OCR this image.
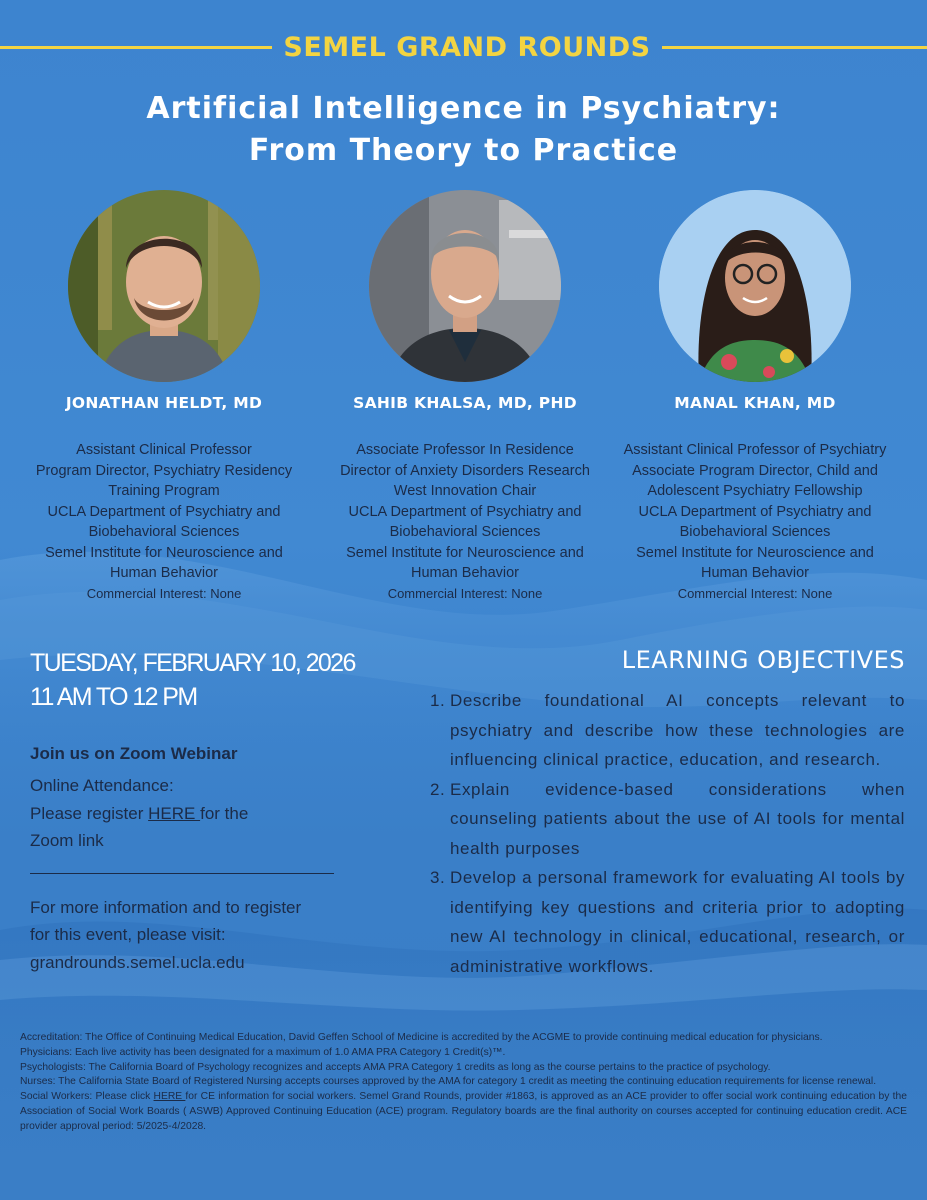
SEMEL GRAND ROUNDS
Artificial Intelligence in Psychiatry:
From Theory to Practice
JONATHAN HELDT, MD
Assistant Clinical Professor
Program Director, Psychiatry Residency
Training Program
UCLA Department of Psychiatry and
Biobehavioral Sciences
Semel Institute for Neuroscience and
Human Behavior
Commercial Interest: None
SAHIB KHALSA, MD, PHD
Associate Professor In Residence
Director of Anxiety Disorders Research
West Innovation Chair
UCLA Department of Psychiatry and
Biobehavioral Sciences
Semel Institute for Neuroscience and
Human Behavior
Commercial Interest: None
MANAL KHAN, MD
Assistant Clinical Professor of Psychiatry
Associate Program Director, Child and
Adolescent Psychiatry Fellowship
UCLA Department of Psychiatry and
Biobehavioral Sciences
Semel Institute for Neuroscience and
Human Behavior
Commercial Interest: None
TUESDAY, FEBRUARY 10, 2026
11 AM TO 12 PM
Join us on Zoom Webinar
Online Attendance:
Please register HERE for the
Zoom link
For more information and to register
for this event, please visit:
grandrounds.semel.ucla.edu
LEARNING OBJECTIVES
1. Describe foundational AI concepts relevant to psychiatry and describe how these technologies are influencing clinical practice, education, and research.
2. Explain evidence-based considerations when counseling patients about the use of AI tools for mental health purposes
3. Develop a personal framework for evaluating AI tools by identifying key questions and criteria prior to adopting new AI technology in clinical, educational, research, or administrative workflows.
Accreditation: The Office of Continuing Medical Education, David Geffen School of Medicine is accredited by the ACGME to provide continuing medical education for physicians.
Physicians: Each live activity has been designated for a maximum of 1.0 AMA PRA Category 1 Credit(s)™.
Psychologists: The California Board of Psychology recognizes and accepts AMA PRA Category 1 credits as long as the course pertains to the practice of psychology.
Nurses: The California State Board of Registered Nursing accepts courses approved by the AMA for category 1 credit as meeting the continuing education requirements for license renewal.
Social Workers: Please click HERE for CE information for social workers. Semel Grand Rounds, provider #1863, is approved as an ACE provider to offer social work continuing education by the Association of Social Work Boards ( ASWB) Approved Continuing Education (ACE) program. Regulatory boards are the final authority on courses accepted for continuing education credit. ACE provider approval period: 5/2025-4/2028.
